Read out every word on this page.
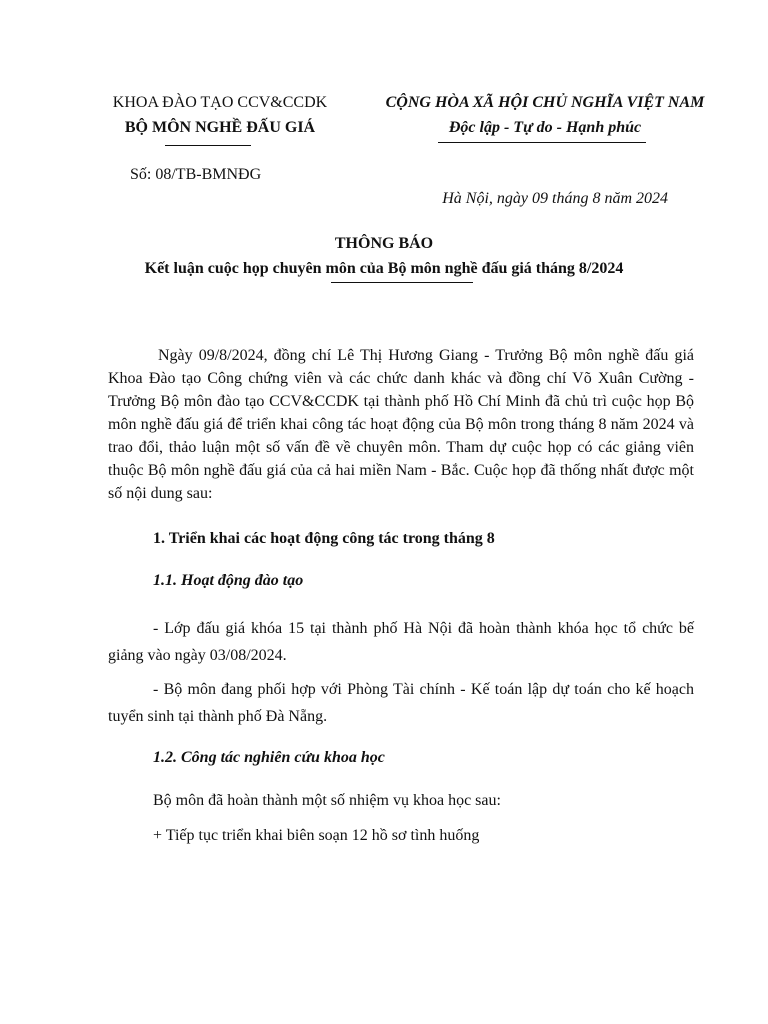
KHOA ĐÀO TẠO CCV&CCDK
BỘ MÔN NGHỀ ĐẤU GIÁ
CỘNG HÒA XÃ HỘI CHỦ NGHĨA VIỆT NAM
Độc lập - Tự do - Hạnh phúc
Số: 08/TB-BMNĐG
Hà Nội, ngày 09 tháng 8 năm 2024
THÔNG BÁO
Kết luận cuộc họp chuyên môn của Bộ môn nghề đấu giá tháng 8/2024
Ngày 09/8/2024, đồng chí Lê Thị Hương Giang - Trưởng Bộ môn nghề đấu giá Khoa Đào tạo Công chứng viên và các chức danh khác và đồng chí Võ Xuân Cường -Trưởng Bộ môn đào tạo CCV&CCDK tại thành phố Hồ Chí Minh đã chủ trì cuộc họp Bộ môn nghề đấu giá để triển khai công tác hoạt động của Bộ môn trong tháng 8 năm 2024 và trao đổi, thảo luận một số vấn đề về chuyên môn. Tham dự cuộc họp có các giảng viên thuộc Bộ môn nghề đấu giá của cả hai miền Nam - Bắc. Cuộc họp đã thống nhất được một số nội dung sau:
1. Triển khai các hoạt động công tác trong tháng 8
1.1. Hoạt động đào tạo
- Lớp đấu giá khóa 15 tại thành phố Hà Nội đã hoàn thành khóa học tổ chức bế giảng vào ngày 03/08/2024.
- Bộ môn đang phối hợp với Phòng Tài chính - Kế toán lập dự toán cho kế hoạch tuyển sinh tại thành phố Đà Nẵng.
1.2. Công tác nghiên cứu khoa học
Bộ môn đã hoàn thành một số nhiệm vụ khoa học sau:
+ Tiếp tục triển khai biên soạn 12 hồ sơ tình huống
